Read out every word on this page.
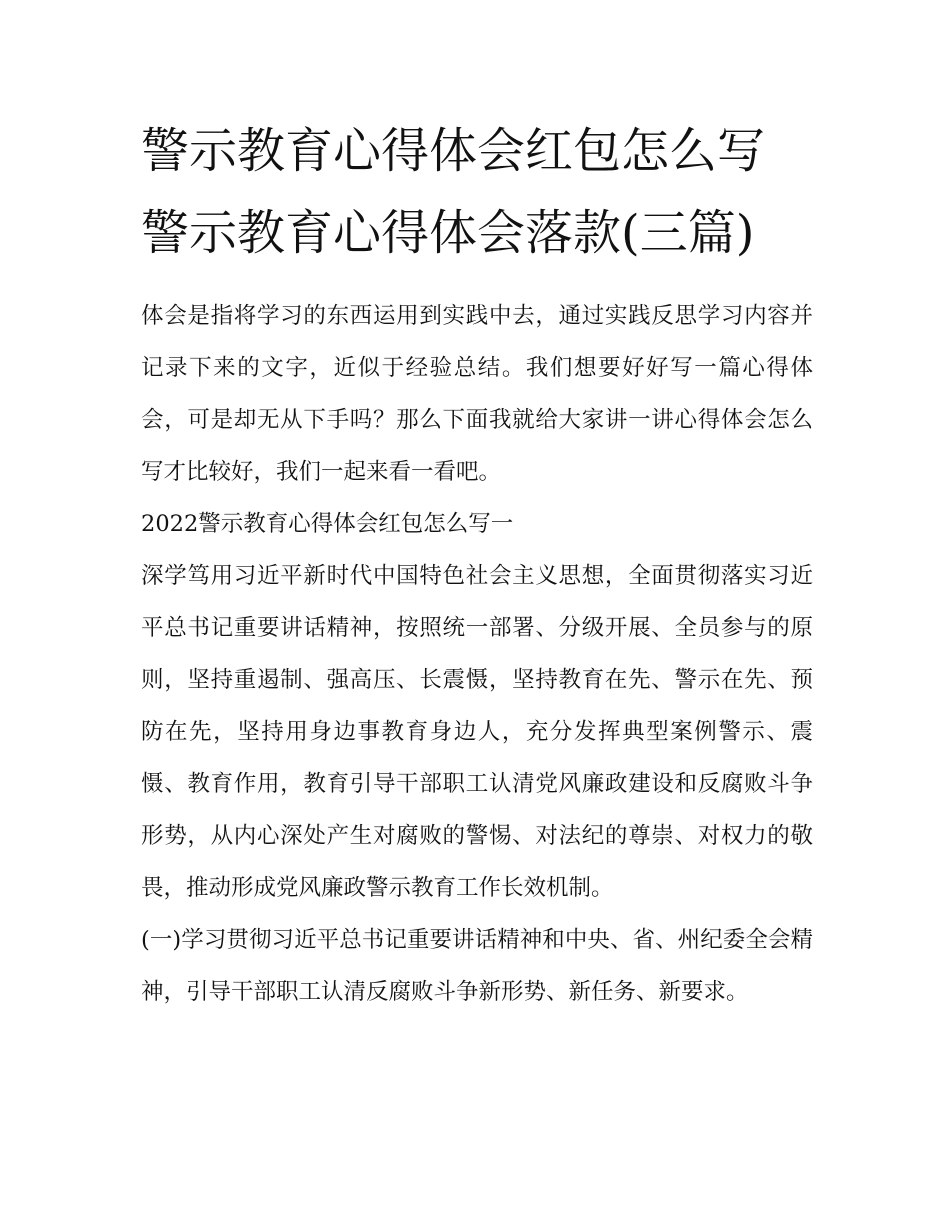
警示教育心得体会红包怎么写
警示教育心得体会落款(三篇)

体会是指将学习的东西运用到实践中去，通过实践反思学习内容并记录下来的文字，近似于经验总结。我们想要好好写一篇心得体会，可是却无从下手吗？那么下面我就给大家讲一讲心得体会怎么写才比较好，我们一起来看一看吧。

2022警示教育心得体会红包怎么写一

深学笃用习近平新时代中国特色社会主义思想，全面贯彻落实习近平总书记重要讲话精神，按照统一部署、分级开展、全员参与的原则，坚持重遏制、强高压、长震慑，坚持教育在先、警示在先、预防在先，坚持用身边事教育身边人，充分发挥典型案例警示、震慑、教育作用，教育引导干部职工认清党风廉政建设和反腐败斗争形势，从内心深处产生对腐败的警惕、对法纪的尊崇、对权力的敬畏，推动形成党风廉政警示教育工作长效机制。

(一)学习贯彻习近平总书记重要讲话精神和中央、省、州纪委全会精神，引导干部职工认清反腐败斗争新形势、新任务、新要求。
